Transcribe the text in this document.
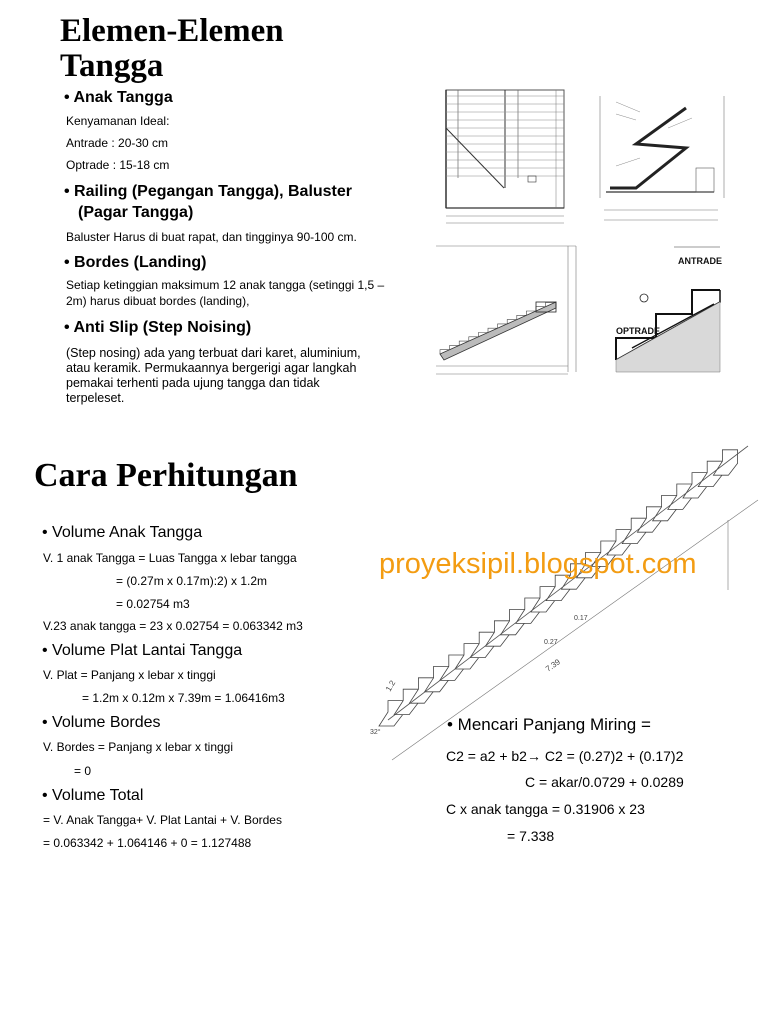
Elemen-Elemen
Tangga
• Anak Tangga
Kenyamanan Ideal:
Antrade : 20-30 cm
Optrade : 15-18 cm
• Railing (Pegangan Tangga), Baluster
(Pagar Tangga)
Baluster Harus di buat rapat, dan tingginya 90-100 cm.
• Bordes (Landing)
Setiap ketinggian maksimum 12 anak tangga (setinggi 1,5 –
2m) harus dibuat bordes (landing),
• Anti Slip (Step Noising)
(Step nosing) ada yang terbuat dari karet, aluminium,
atau keramik. Permukaannya bergerigi agar langkah
pemakai terhenti pada ujung tangga dan tidak
terpeleset.
ANTRADE
OPTRADE
Cara Perhitungan
• Volume Anak Tangga
V. 1 anak Tangga = Luas Tangga x lebar tangga
= (0.27m x 0.17m):2) x 1.2m
= 0.02754 m3
V.23 anak tangga = 23 x 0.02754 = 0.063342 m3
• Volume Plat Lantai Tangga
V. Plat = Panjang x lebar x tinggi
= 1.2m x 0.12m x 7.39m = 1.06416m3
• Volume Bordes
V. Bordes = Panjang x lebar x tinggi
= 0
• Volume Total
= V. Anak Tangga+ V. Plat Lantai + V. Bordes
= 0.063342 + 1.064146 + 0 = 1.127488
7.39
1.2
0.17
0.27
32°
proyeksipil.blogspot.com
• Mencari Panjang Miring =
C2 = a2 + b2→ C2 = (0.27)2 + (0.17)2
C = akar/0.0729 + 0.0289
C x anak tangga = 0.31906 x 23
= 7.338
